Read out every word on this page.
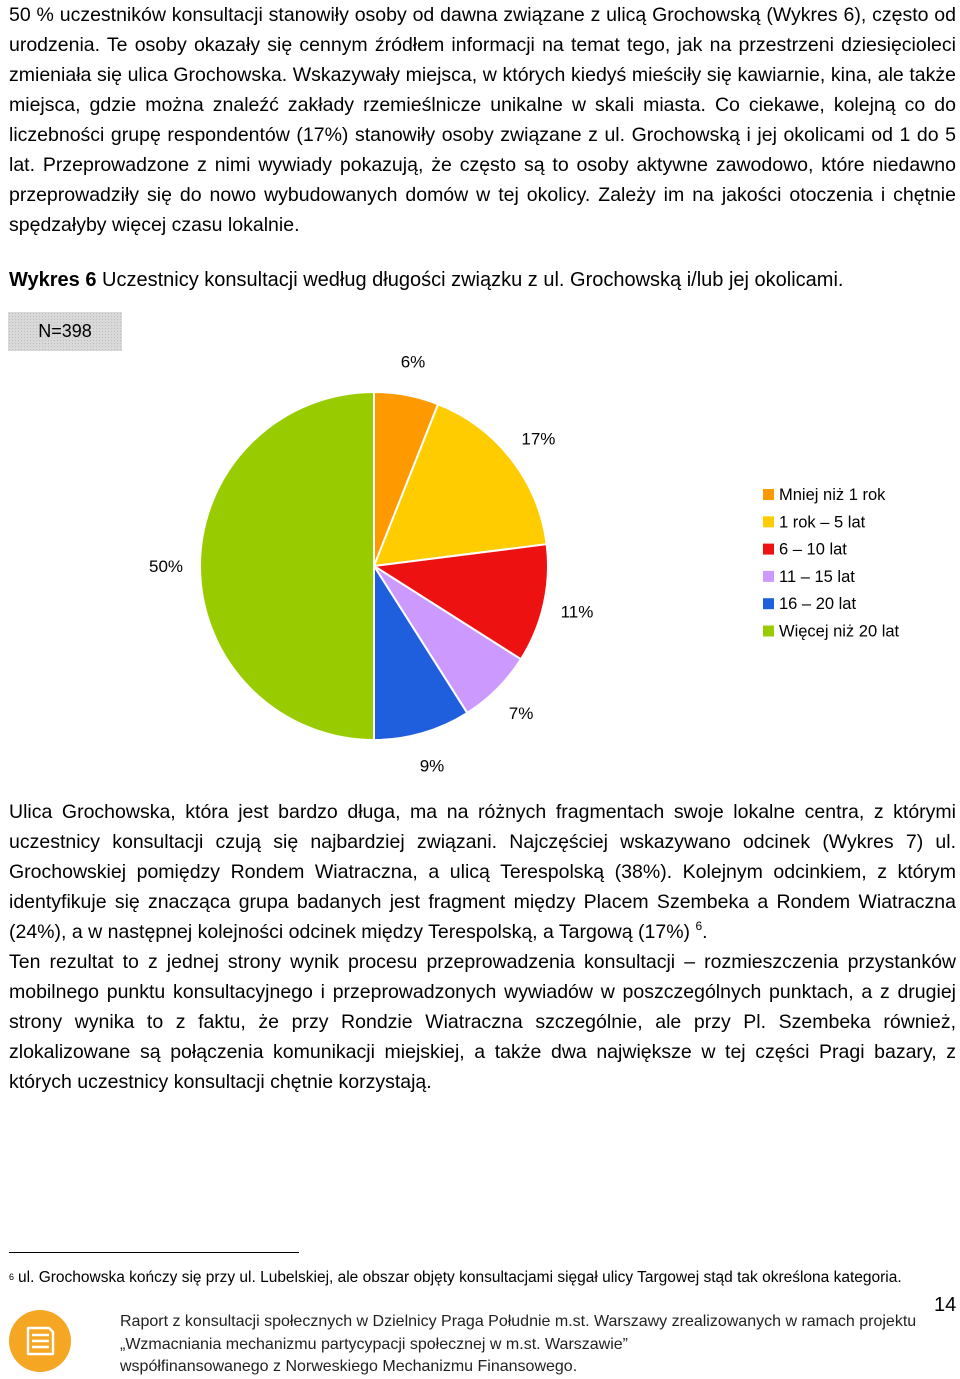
50 % uczestników konsultacji stanowiły osoby od dawna związane z ulicą Grochowską (Wykres 6), często od urodzenia. Te osoby okazały się cennym źródłem informacji na temat tego, jak na przestrzeni dziesięcioleci zmieniała się ulica Grochowska. Wskazywały miejsca, w których kiedyś mieściły się kawiarnie, kina, ale także miejsca, gdzie można znaleźć zakłady rzemieślnicze unikalne w skali miasta. Co ciekawe, kolejną co do liczebności grupę respondentów (17%) stanowiły osoby związane z ul. Grochowską i jej okolicami od 1 do 5 lat. Przeprowadzone z nimi wywiady pokazują, że często są to osoby aktywne zawodowo, które niedawno przeprowadziły się do nowo wybudowanych domów w tej okolicy. Zależy im na jakości otoczenia i chętnie spędzałyby więcej czasu lokalnie.

Wykres 6 Uczestnicy konsultacji według długości związku z ul. Grochowską i/lub jej okolicami.

N=398
6%
17%
11%
7%
9%
50%
Mniej niż 1 rok
1 rok – 5 lat
6 – 10 lat
11 – 15 lat
16 – 20 lat
Więcej niż 20 lat

Ulica Grochowska, która jest bardzo długa, ma na różnych fragmentach swoje lokalne centra, z którymi uczestnicy konsultacji czują się najbardziej związani. Najczęściej wskazywano odcinek (Wykres 7) ul. Grochowskiej pomiędzy Rondem Wiatraczna, a ulicą Terespolską (38%). Kolejnym odcinkiem, z którym identyfikuje się znacząca grupa badanych jest fragment między Placem Szembeka a Rondem Wiatraczna (24%), a w następnej kolejności odcinek między Terespolską, a Targową (17%) $^6$.

Ten rezultat to z jednej strony wynik procesu przeprowadzenia konsultacji – rozmieszczenia przystanków mobilnego punktu konsultacyjnego i przeprowadzonych wywiadów w poszczególnych punktach, a z drugiej strony wynika to z faktu, że przy Rondzie Wiatraczna szczególnie, ale przy Pl. Szembeka również, zlokalizowane są połączenia komunikacji miejskiej, a także dwa największe w tej części Pragi bazary, z których uczestnicy konsultacji chętnie korzystają.

6 ul. Grochowska kończy się przy ul. Lubelskiej, ale obszar objęty konsultacjami sięgał ulicy Targowej stąd tak określona kategoria.

14

Raport z konsultacji społecznych w Dzielnicy Praga Południe m.st. Warszawy zrealizowanych w ramach projektu
„Wzmacniania mechanizmu partycypacji społecznej w m.st. Warszawie”
współfinansowanego z Norweskiego Mechanizmu Finansowego.
